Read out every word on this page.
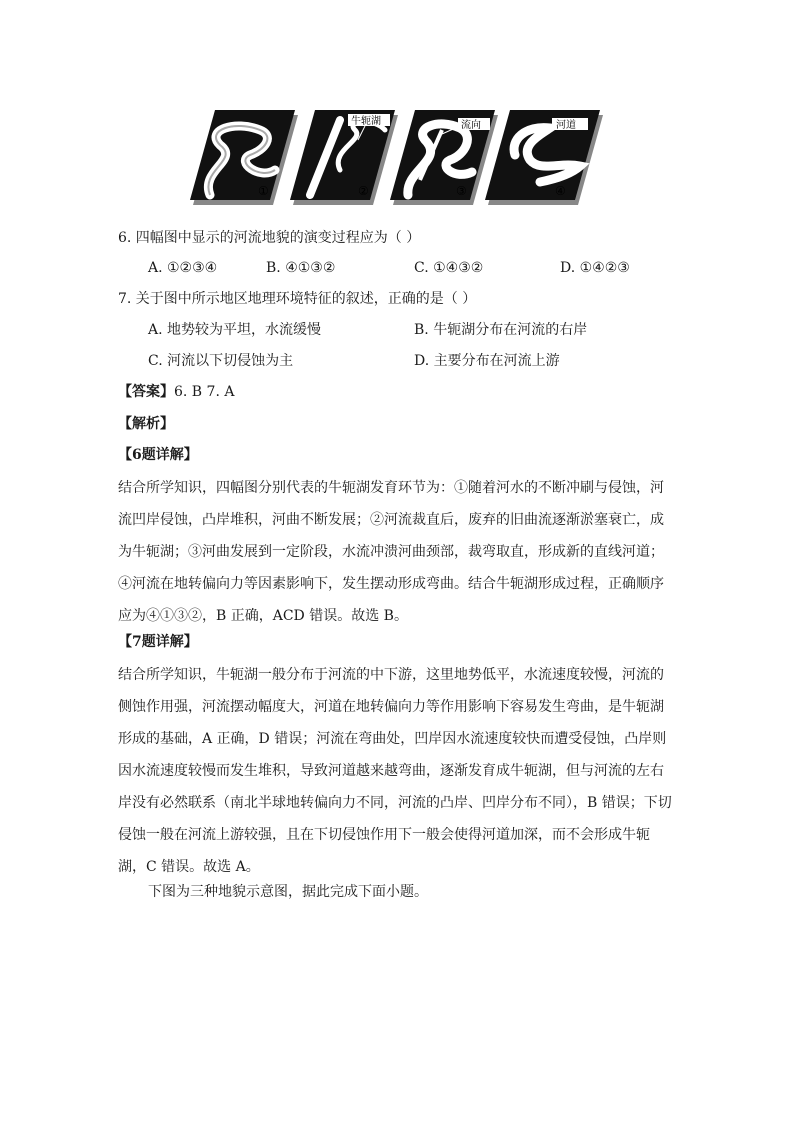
①
牛轭湖
②
流向
③
河道
④
6. 四幅图中显示的河流地貌的演变过程应为（ ）
A. ①②③④	B. ④①③②	C. ①④③②	D. ①④②③
7. 关于图中所示地区地理环境特征的叙述，正确的是（ ）
A. 地势较为平坦，水流缓慢	B. 牛轭湖分布在河流的右岸
C. 河流以下切侵蚀为主	D. 主要分布在河流上游
【答案】6. B 7. A
【解析】
【6题详解】
结合所学知识，四幅图分别代表的牛轭湖发育环节为：①随着河水的不断冲刷与侵蚀，河
流凹岸侵蚀，凸岸堆积，河曲不断发展；②河流裁直后，废弃的旧曲流逐渐淤塞衰亡，成
为牛轭湖；③河曲发展到一定阶段，水流冲溃河曲颈部，裁弯取直，形成新的直线河道；
④河流在地转偏向力等因素影响下，发生摆动形成弯曲。结合牛轭湖形成过程，正确顺序
应为④①③②，B 正确，ACD 错误。故选 B。
【7题详解】
结合所学知识，牛轭湖一般分布于河流的中下游，这里地势低平，水流速度较慢，河流的
侧蚀作用强，河流摆动幅度大，河道在地转偏向力等作用影响下容易发生弯曲，是牛轭湖
形成的基础，A 正确，D 错误；河流在弯曲处，凹岸因水流速度较快而遭受侵蚀，凸岸则
因水流速度较慢而发生堆积，导致河道越来越弯曲，逐渐发育成牛轭湖，但与河流的左右
岸没有必然联系（南北半球地转偏向力不同，河流的凸岸、凹岸分布不同），B 错误；下切
侵蚀一般在河流上游较强，且在下切侵蚀作用下一般会使得河道加深，而不会形成牛轭
湖，C 错误。故选 A。
下图为三种地貌示意图，据此完成下面小题。
